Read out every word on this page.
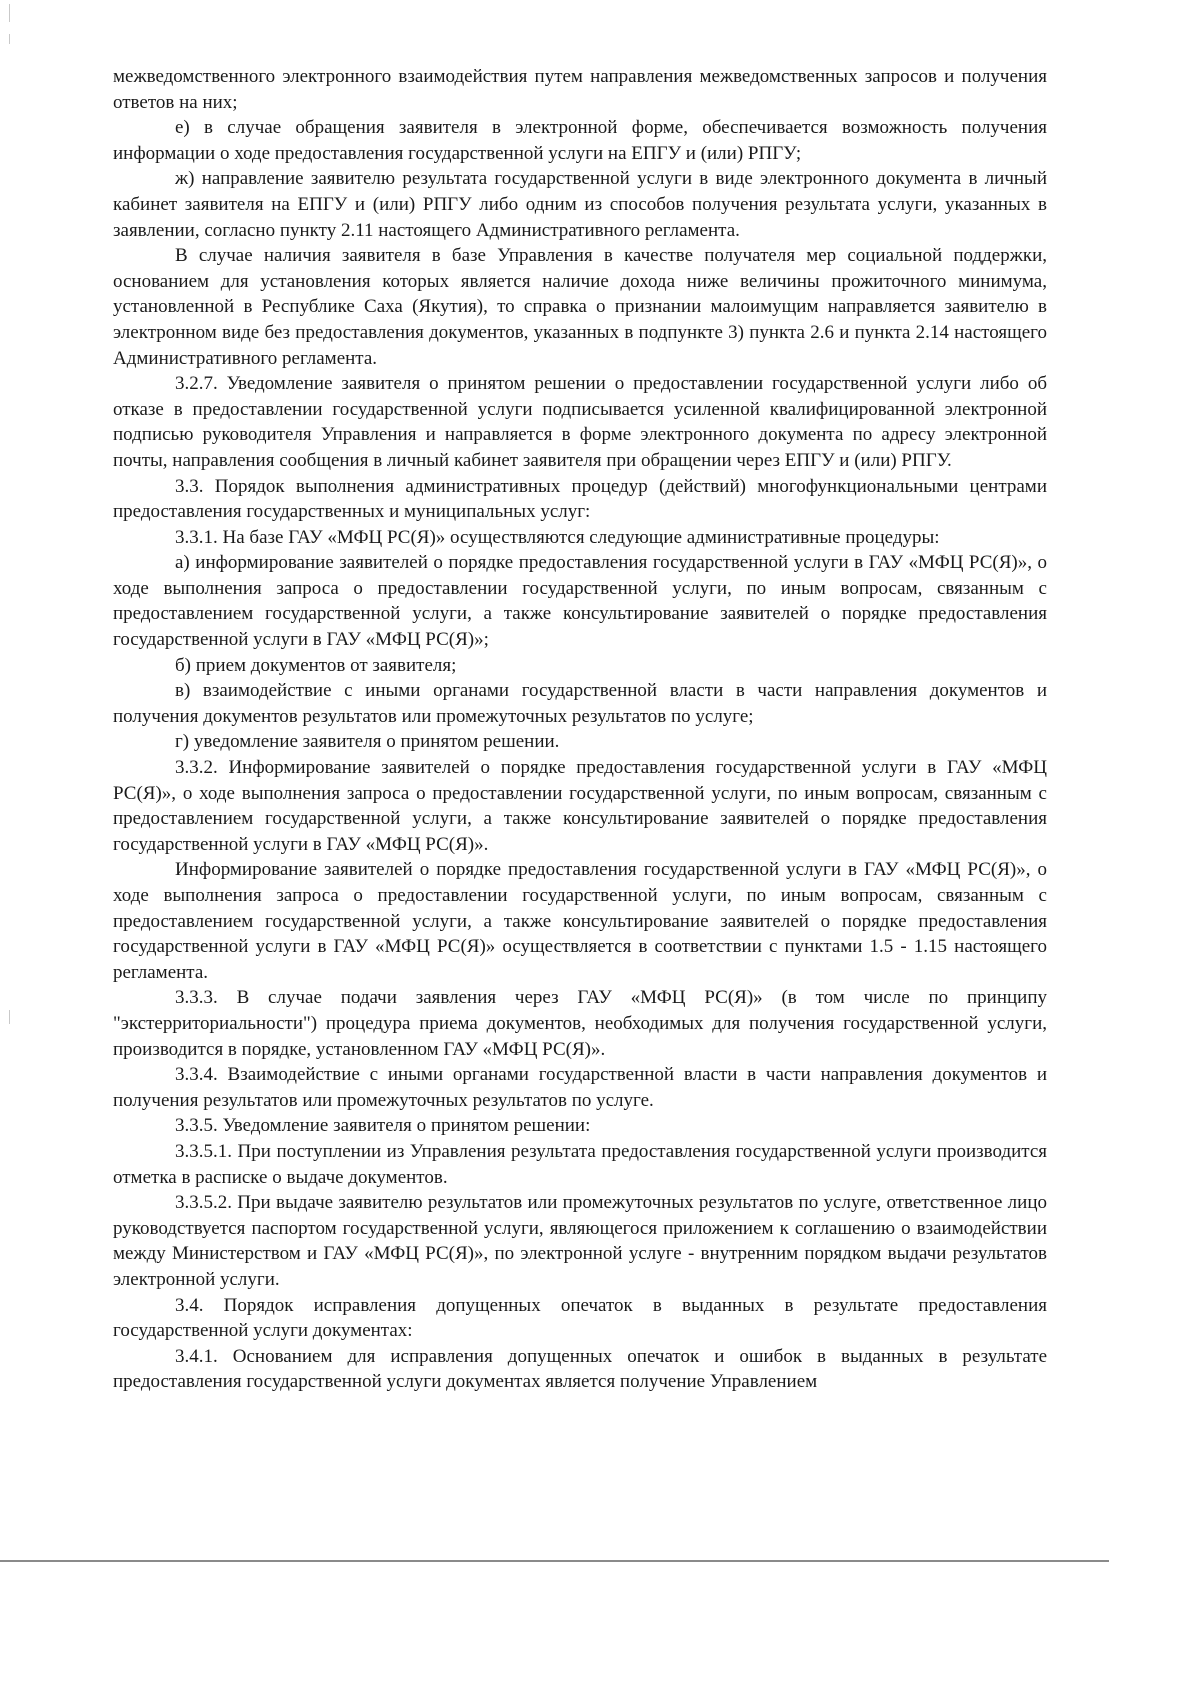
межведомственного электронного взаимодействия путем направления межведомственных запросов и получения ответов на них;

е) в случае обращения заявителя в электронной форме, обеспечивается возможность получения информации о ходе предоставления государственной услуги на ЕПГУ и (или) РПГУ;

ж) направление заявителю результата государственной услуги в виде электронного документа в личный кабинет заявителя на ЕПГУ и (или) РПГУ либо одним из способов получения результата услуги, указанных в заявлении, согласно пункту 2.11 настоящего Административного регламента.

В случае наличия заявителя в базе Управления в качестве получателя мер социальной поддержки, основанием для установления которых является наличие дохода ниже величины прожиточного минимума, установленной в Республике Саха (Якутия), то справка о признании малоимущим направляется заявителю в электронном виде без предоставления документов, указанных в подпункте 3) пункта 2.6 и пункта 2.14 настоящего Административного регламента.

3.2.7. Уведомление заявителя о принятом решении о предоставлении государственной услуги либо об отказе в предоставлении государственной услуги подписывается усиленной квалифицированной электронной подписью руководителя Управления и направляется в форме электронного документа по адресу электронной почты, направления сообщения в личный кабинет заявителя при обращении через ЕПГУ и (или) РПГУ.

3.3. Порядок выполнения административных процедур (действий) многофункциональными центрами предоставления государственных и муниципальных услуг:

3.3.1. На базе ГАУ «МФЦ РС(Я)» осуществляются следующие административные процедуры:

а) информирование заявителей о порядке предоставления государственной услуги в ГАУ «МФЦ РС(Я)», о ходе выполнения запроса о предоставлении государственной услуги, по иным вопросам, связанным с предоставлением государственной услуги, а также консультирование заявителей о порядке предоставления государственной услуги в ГАУ «МФЦ РС(Я)»;

б) прием документов от заявителя;

в) взаимодействие с иными органами государственной власти в части направления документов и получения документов результатов или промежуточных результатов по услуге;

г) уведомление заявителя о принятом решении.

3.3.2. Информирование заявителей о порядке предоставления государственной услуги в ГАУ «МФЦ РС(Я)», о ходе выполнения запроса о предоставлении государственной услуги, по иным вопросам, связанным с предоставлением государственной услуги, а также консультирование заявителей о порядке предоставления государственной услуги в ГАУ «МФЦ РС(Я)».

Информирование заявителей о порядке предоставления государственной услуги в ГАУ «МФЦ РС(Я)», о ходе выполнения запроса о предоставлении государственной услуги, по иным вопросам, связанным с предоставлением государственной услуги, а также консультирование заявителей о порядке предоставления государственной услуги в ГАУ «МФЦ РС(Я)» осуществляется в соответствии с пунктами 1.5 - 1.15 настоящего регламента.

3.3.3. В случае подачи заявления через ГАУ «МФЦ РС(Я)» (в том числе по принципу "экстерриториальности") процедура приема документов, необходимых для получения государственной услуги, производится в порядке, установленном ГАУ «МФЦ РС(Я)».

3.3.4. Взаимодействие с иными органами государственной власти в части направления документов и получения результатов или промежуточных результатов по услуге.

3.3.5. Уведомление заявителя о принятом решении:

3.3.5.1. При поступлении из Управления результата предоставления государственной услуги производится отметка в расписке о выдаче документов.

3.3.5.2. При выдаче заявителю результатов или промежуточных результатов по услуге, ответственное лицо руководствуется паспортом государственной услуги, являющегося приложением к соглашению о взаимодействии между Министерством и ГАУ «МФЦ РС(Я)», по электронной услуге - внутренним порядком выдачи результатов электронной услуги.

3.4. Порядок исправления допущенных опечаток в выданных в результате предоставления государственной услуги документах:

3.4.1. Основанием для исправления допущенных опечаток и ошибок в выданных в результате предоставления государственной услуги документах является получение Управлением
